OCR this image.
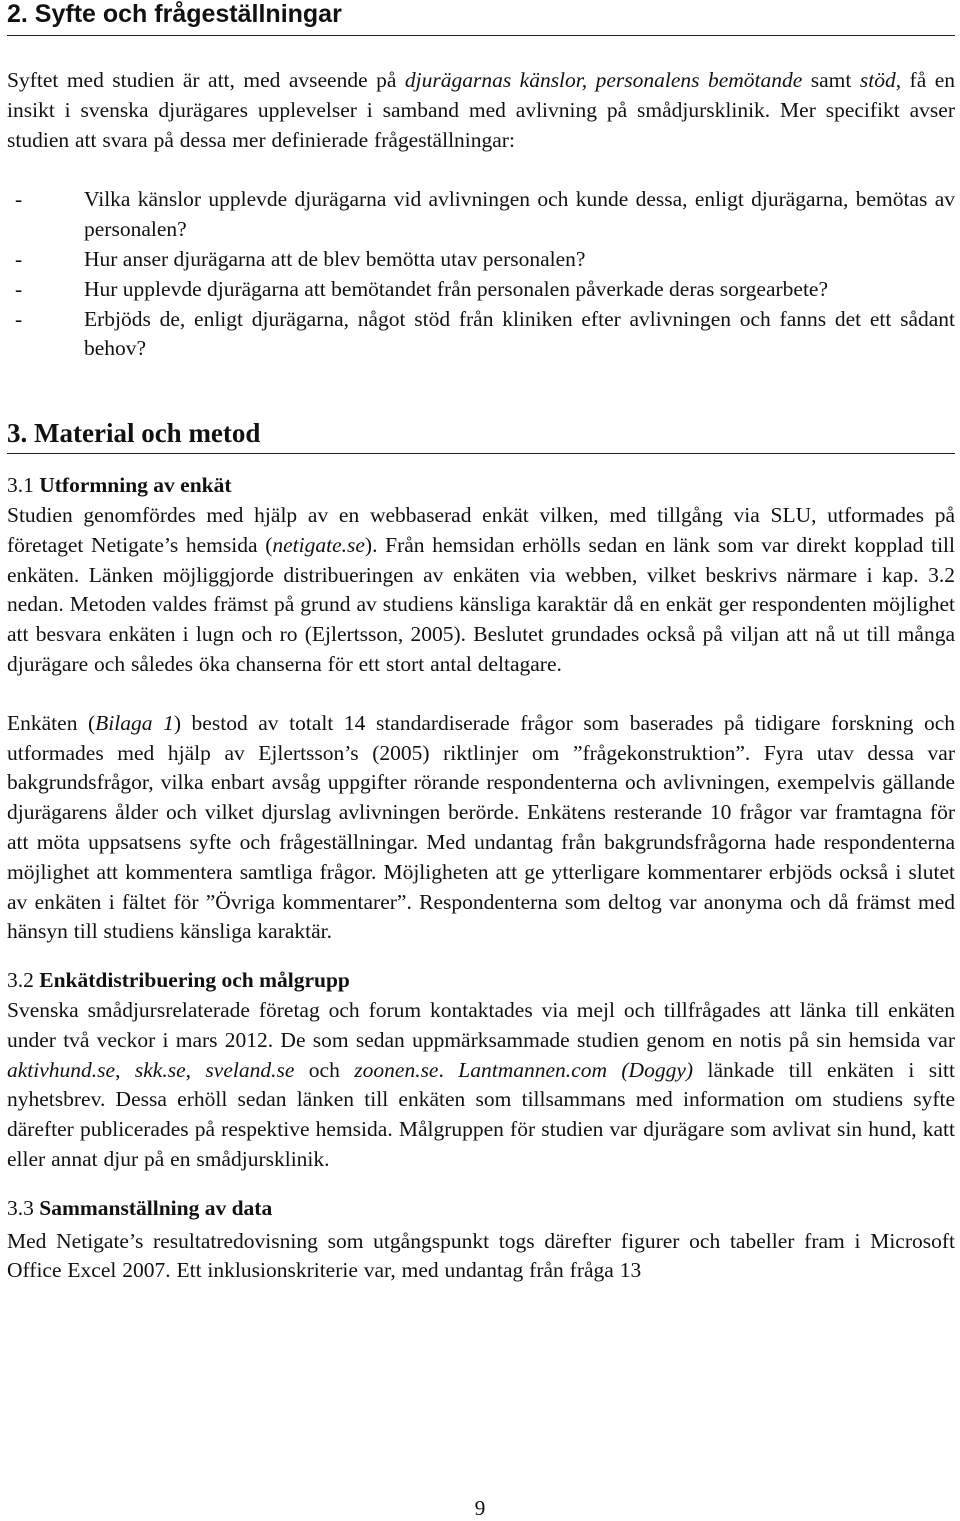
2. Syfte och frågeställningar

Syftet med studien är att, med avseende på djurägarnas känslor, personalens bemötande samt stöd, få en insikt i svenska djurägares upplevelser i samband med avlivning på smådjursklinik. Mer specifikt avser studien att svara på dessa mer definierade frågeställningar:

-	Vilka känslor upplevde djurägarna vid avlivningen och kunde dessa, enligt djurägarna, bemötas av personalen?
-	Hur anser djurägarna att de blev bemötta utav personalen?
-	Hur upplevde djurägarna att bemötandet från personalen påverkade deras sorgearbete?
-	Erbjöds de, enligt djurägarna, något stöd från kliniken efter avlivningen och fanns det ett sådant behov?
3. Material och metod
3.1 Utformning av enkät

Studien genomfördes med hjälp av en webbaserad enkät vilken, med tillgång via SLU, utformades på företaget Netigate’s hemsida (netigate.se). Från hemsidan erhölls sedan en länk som var direkt kopplad till enkäten. Länken möjliggjorde distribueringen av enkäten via webben, vilket beskrivs närmare i kap. 3.2 nedan. Metoden valdes främst på grund av studiens känsliga karaktär då en enkät ger respondenten möjlighet att besvara enkäten i lugn och ro (Ejlertsson, 2005). Beslutet grundades också på viljan att nå ut till många djurägare och således öka chanserna för ett stort antal deltagare.

Enkäten (Bilaga 1) bestod av totalt 14 standardiserade frågor som baserades på tidigare forskning och utformades med hjälp av Ejlertsson’s (2005) riktlinjer om ”frågekonstruktion”. Fyra utav dessa var bakgrundsfrågor, vilka enbart avsåg uppgifter rörande respondenterna och avlivningen, exempelvis gällande djurägarens ålder och vilket djurslag avlivningen berörde. Enkätens resterande 10 frågor var framtagna för att möta uppsatsens syfte och frågeställningar. Med undantag från bakgrundsfrågorna hade respondenterna möjlighet att kommentera samtliga frågor. Möjligheten att ge ytterligare kommentarer erbjöds också i slutet av enkäten i fältet för ”Övriga kommentarer”. Respondenterna som deltog var anonyma och då främst med hänsyn till studiens känsliga karaktär.

3.2 Enkätdistribuering och målgrupp

Svenska smådjursrelaterade företag och forum kontaktades via mejl och tillfrågades att länka till enkäten under två veckor i mars 2012. De som sedan uppmärksammade studien genom en notis på sin hemsida var aktivhund.se, skk.se, sveland.se och zoonen.se. Lantmannen.com (Doggy) länkade till enkäten i sitt nyhetsbrev. Dessa erhöll sedan länken till enkäten som tillsammans med information om studiens syfte därefter publicerades på respektive hemsida. Målgruppen för studien var djurägare som avlivat sin hund, katt eller annat djur på en smådjursklinik.

3.3 Sammanställning av data

Med Netigate’s resultatredovisning som utgångspunkt togs därefter figurer och tabeller fram i Microsoft Office Excel 2007. Ett inklusionskriterie var, med undantag från fråga 13

9
